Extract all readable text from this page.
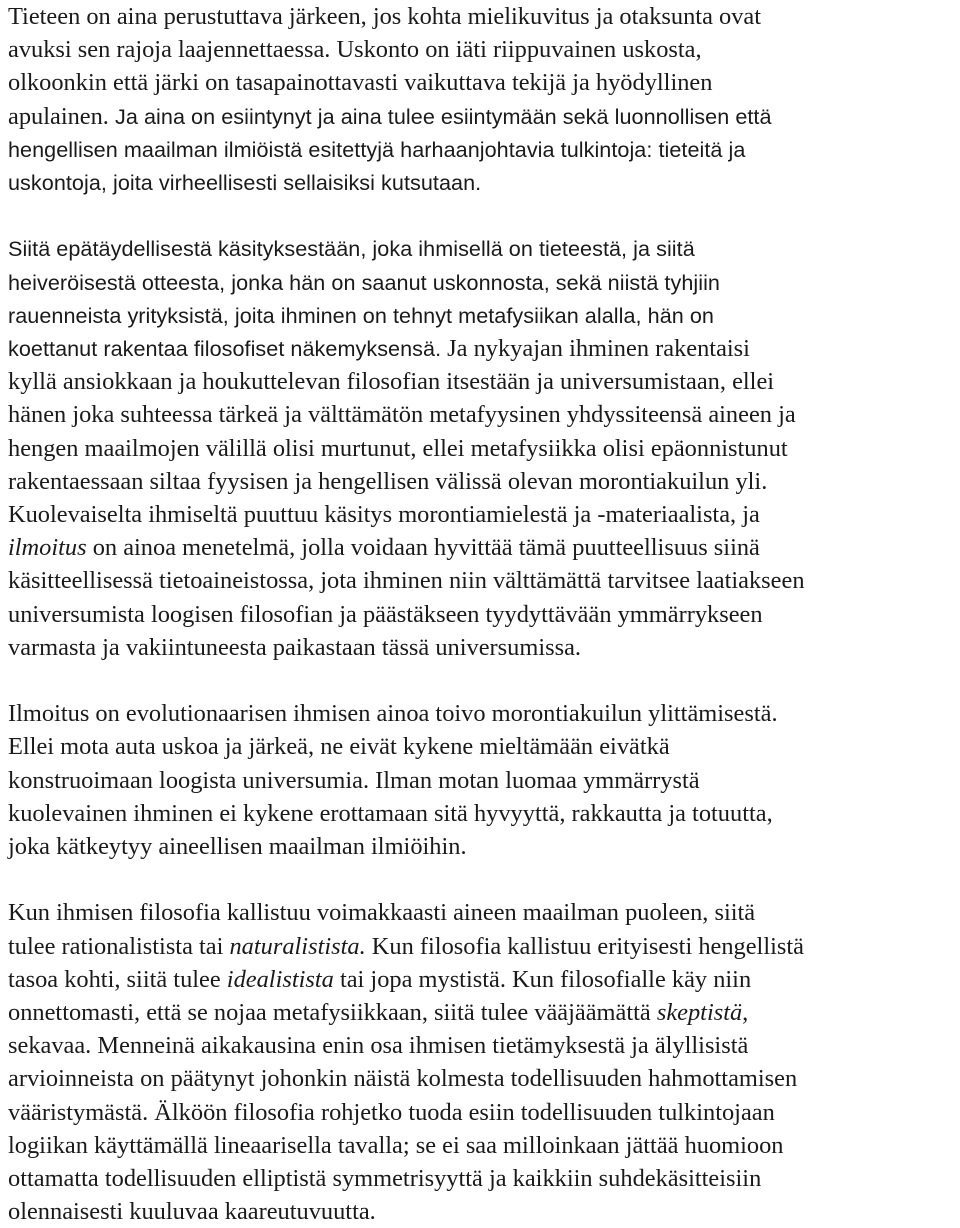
Tieteen on aina perustuttava järkeen, jos kohta mielikuvitus ja otaksunta ovat

avuksi sen rajoja laajennettaessa. Uskonto on iäti riippuvainen uskosta,

olkoonkin että järki on tasapainottavasti vaikuttava tekijä ja hyödyllinen

apulainen. Ja aina on esiintynyt ja aina tulee esiintymään sekä luonnollisen että

hengellisen maailman ilmiöistä esitettyjä harhaanjohtavia tulkintoja: tieteitä ja

uskontoja, joita virheellisesti sellaisiksi kutsutaan.

Siitä epätäydellisestä käsityksestään, joka ihmisellä on tieteestä, ja siitä

heiveröisestä otteesta, jonka hän on saanut uskonnosta, sekä niistä tyhjiin

rauenneista yrityksistä, joita ihminen on tehnyt metafysiikan alalla, hän on

koettanut rakentaa filosofiset näkemyksensä. Ja nykyajan ihminen rakentaisi

kyllä ansiokkaan ja houkuttelevan filosofian itsestään ja universumistaan, ellei

hänen joka suhteessa tärkeä ja välttämätön metafyysinen yhdyssiteensä aineen ja

hengen maailmojen välillä olisi murtunut, ellei metafysiikka olisi epäonnistunut

rakentaessaan siltaa fyysisen ja hengellisen välissä olevan morontiakuilun yli.

Kuolevaiselta ihmiseltä puuttuu käsitys morontiamielestä ja -materiaalista, ja

ilmoitus on ainoa menetelmä, jolla voidaan hyvittää tämä puutteellisuus siinä

käsitteellisessä tietoaineistossa, jota ihminen niin välttämättä tarvitsee laatiakseen

universumista loogisen filosofian ja päästäkseen tyydyttävään ymmärrykseen

varmasta ja vakiintuneesta paikastaan tässä universumissa.

Ilmoitus on evolutionaarisen ihmisen ainoa toivo morontiakuilun ylittämisestä.

Ellei mota auta uskoa ja järkeä, ne eivät kykene mieltämään eivätkä

konstruoimaan loogista universumia. Ilman motan luomaa ymmärrystä

kuolevainen ihminen ei kykene erottamaan sitä hyvyyttä, rakkautta ja totuutta,

joka kätkeytyy aineellisen maailman ilmiöihin.

Kun ihmisen filosofia kallistuu voimakkaasti aineen maailman puoleen, siitä

tulee rationalistista tai naturalistista. Kun filosofia kallistuu erityisesti hengellistä

tasoa kohti, siitä tulee idealistista tai jopa mystistä. Kun filosofialle käy niin

onnettomasti, että se nojaa metafysiikkaan, siitä tulee vääjäämättä skeptistä,

sekavaa. Menneinä aikakausina enin osa ihmisen tietämyksestä ja älyllisistä

arvioinneista on päätynyt johonkin näistä kolmesta todellisuuden hahmottamisen

vääristymästä. Älköön filosofia rohjetko tuoda esiin todellisuuden tulkintojaan

logiikan käyttämällä lineaarisella tavalla; se ei saa milloinkaan jättää huomioon

ottamatta todellisuuden elliptistä symmetrisyyttä ja kaikkiin suhdekäsitteisiin

olennaisesti kuuluvaa kaareutuvuutta.
